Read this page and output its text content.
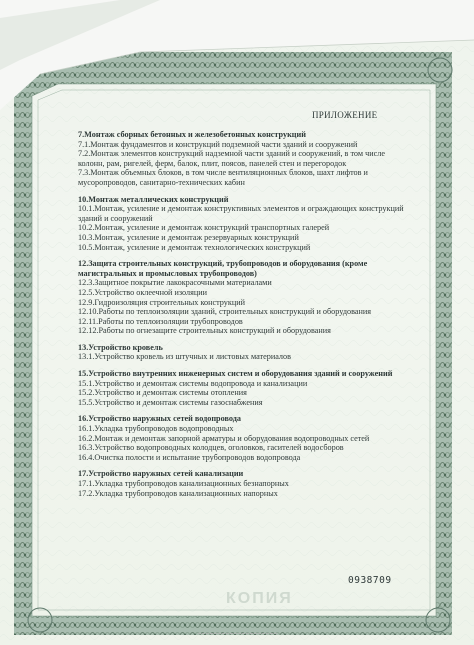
ПРИЛОЖЕНИЕ
7.Монтаж сборных бетонных и железобетонных конструкций
7.1.Монтаж фундаментов и конструкций подземной части зданий и сооружений
7.2.Монтаж элементов конструкций надземной части зданий и сооружений, в том числе колонн, рам, ригелей, ферм, балок, плит, поясов, панелей стен и перегородок
7.3.Монтаж объемных блоков, в том числе вентиляционных блоков, шахт лифтов и мусоропроводов, санитарно-технических кабин
10.Монтаж металлических конструкций
10.1.Монтаж, усиление и демонтаж конструктивных элементов и ограждающих конструкций зданий и сооружений
10.2.Монтаж, усиление и демонтаж конструкций транспортных галерей
10.3.Монтаж, усиление и демонтаж резервуарных конструкций
10.5.Монтаж, усиление и демонтаж технологических конструкций
12.Защита строительных конструкций, трубопроводов и оборудования (кроме магистральных и промысловых трубопроводов)
12.3.Защитное покрытие лакокрасочными материалами
12.5.Устройство оклеечной изоляции
12.9.Гидроизоляция строительных конструкций
12.10.Работы по теплоизоляции зданий, строительных конструкций и оборудования
12.11.Работы по теплоизоляции трубопроводов
12.12.Работы по огнезащите строительных конструкций и оборудования
13.Устройство кровель
13.1.Устройство кровель из штучных и листовых материалов
15.Устройство внутренних инженерных систем и оборудования зданий и сооружений
15.1.Устройство и демонтаж системы водопровода и канализации
15.2.Устройство и демонтаж системы отопления
15.5.Устройство и демонтаж системы газоснабжения
16.Устройство наружных сетей водопровода
16.1.Укладка трубопроводов водопроводных
16.2.Монтаж и демонтаж запорной арматуры и оборудования водопроводных сетей
16.3.Устройство водопроводных колодцев, оголовков, гасителей водосборов
16.4.Очистка полости и испытание трубопроводов водопровода
17.Устройство наружных сетей канализации
17.1.Укладка трубопроводов канализационных безнапорных
17.2.Укладка трубопроводов канализационных напорных
0938709
КОПИЯ
